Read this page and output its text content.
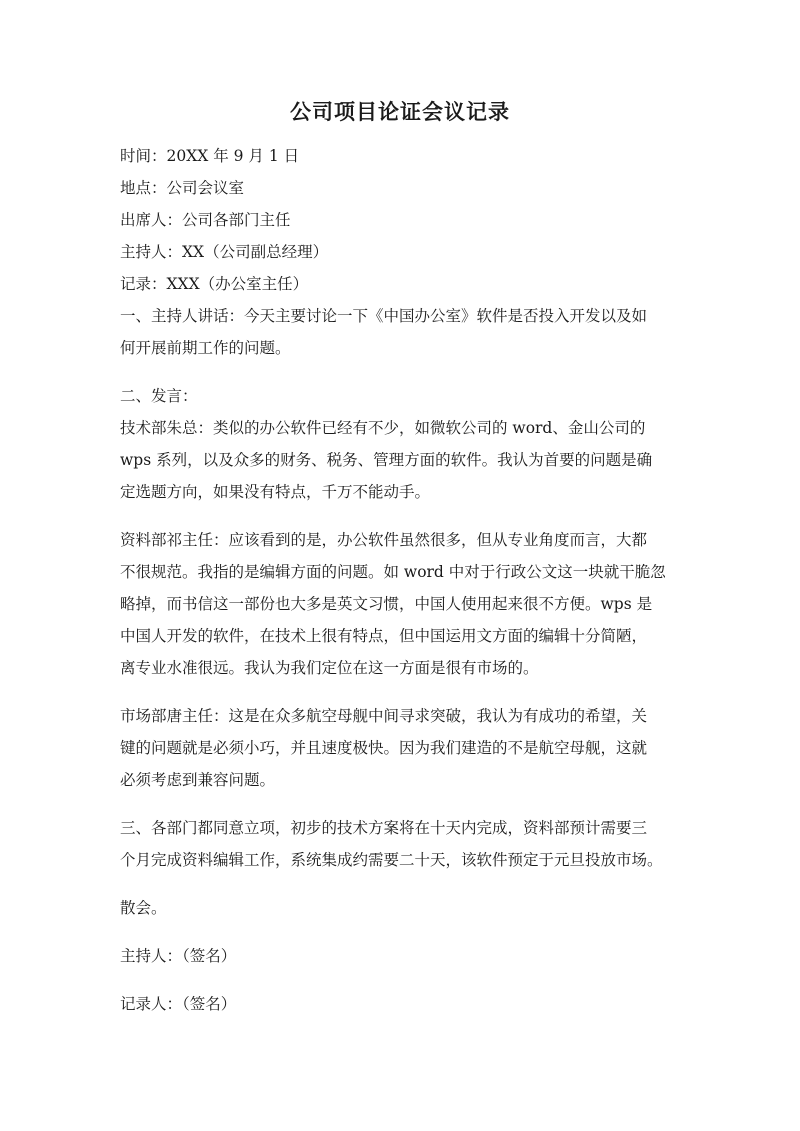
公司项目论证会议记录
时间：20XX 年 9 月 1 日
地点：公司会议室
出席人：公司各部门主任
主持人：XX（公司副总经理）
记录：XXX（办公室主任）
一、主持人讲话：今天主要讨论一下《中国办公室》软件是否投入开发以及如
何开展前期工作的问题。
二、发言：
技术部朱总：类似的办公软件已经有不少，如微软公司的 word、金山公司的
wps 系列，以及众多的财务、税务、管理方面的软件。我认为首要的问题是确
定选题方向，如果没有特点，千万不能动手。
资料部祁主任：应该看到的是，办公软件虽然很多，但从专业角度而言，大都
不很规范。我指的是编辑方面的问题。如 word 中对于行政公文这一块就干脆忽
略掉，而书信这一部份也大多是英文习惯，中国人使用起来很不方便。wps 是
中国人开发的软件，在技术上很有特点，但中国运用文方面的编辑十分简陋，
离专业水准很远。我认为我们定位在这一方面是很有市场的。
市场部唐主任：这是在众多航空母舰中间寻求突破，我认为有成功的希望，关
键的问题就是必须小巧，并且速度极快。因为我们建造的不是航空母舰，这就
必须考虑到兼容问题。
三、各部门都同意立项，初步的技术方案将在十天内完成，资料部预计需要三
个月完成资料编辑工作，系统集成约需要二十天，该软件预定于元旦投放市场。
散会。
主持人：（签名）
记录人：（签名）
